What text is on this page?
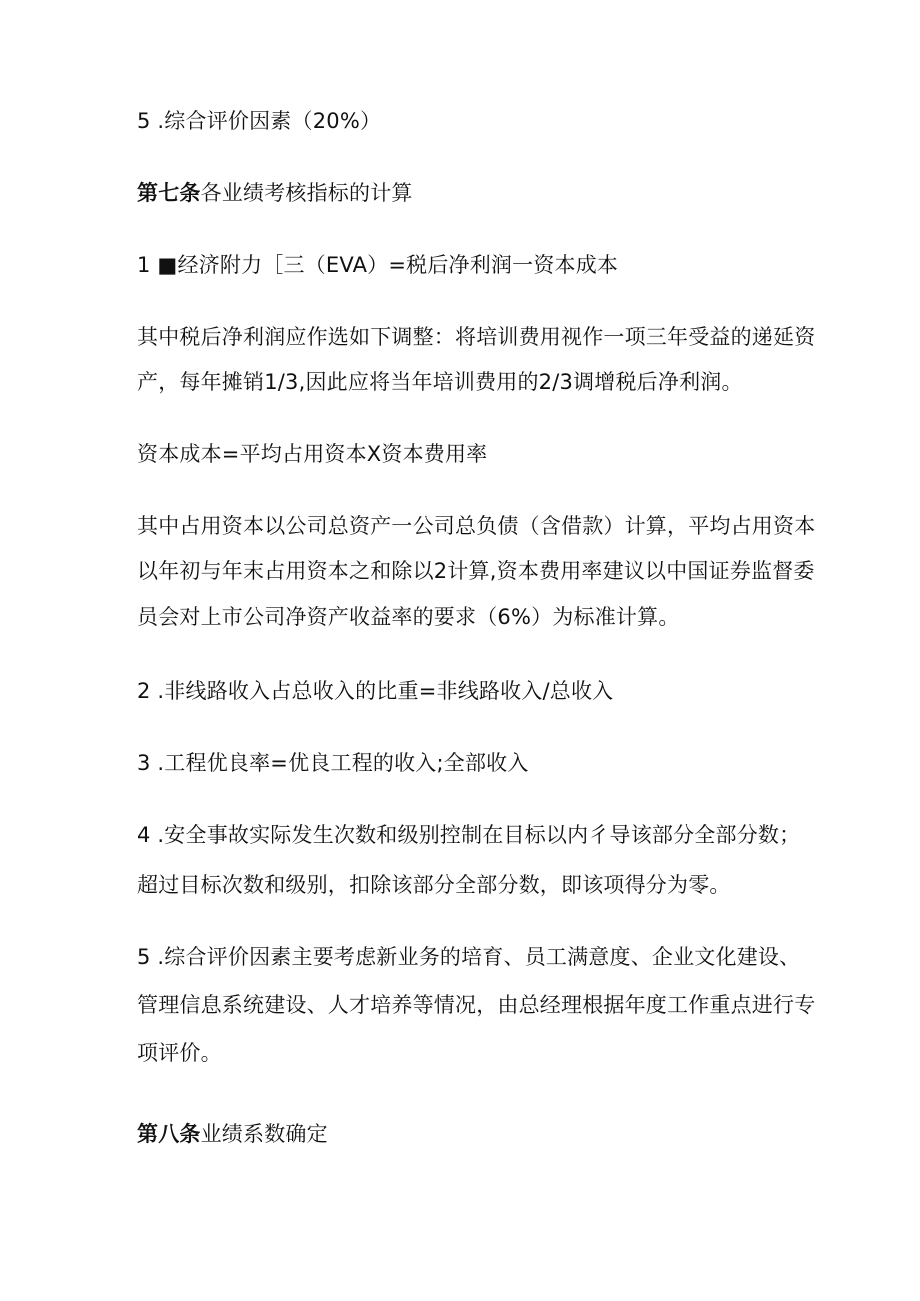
5 .综合评价因素（20%）
第七条各业绩考核指标的计算
1 ■经济附力［三（EVA）=税后净利润一资本成本
其中税后净利润应作选如下调整：将培训费用视作一项三年受益的递延资
产，每年摊销1/3,因此应将当年培训费用的2/3调增税后净利润。
资本成本=平均占用资本X资本费用率
其中占用资本以公司总资产一公司总负债（含借款）计算，平均占用资本
以年初与年末占用资本之和除以2计算,资本费用率建议以中国证券监督委
员会对上市公司净资产收益率的要求（6%）为标准计算。
2 .非线路收入占总收入的比重=非线路收入/总收入
3 .工程优良率=优良工程的收入;全部收入
4 .安全事故实际发生次数和级别控制在目标以内彳导该部分全部分数；
超过目标次数和级别，扣除该部分全部分数，即该项得分为零。
5 .综合评价因素主要考虑新业务的培育、员工满意度、企业文化建设、
管理信息系统建设、人才培养等情况，由总经理根据年度工作重点进行专
项评价。
第八条业绩系数确定
